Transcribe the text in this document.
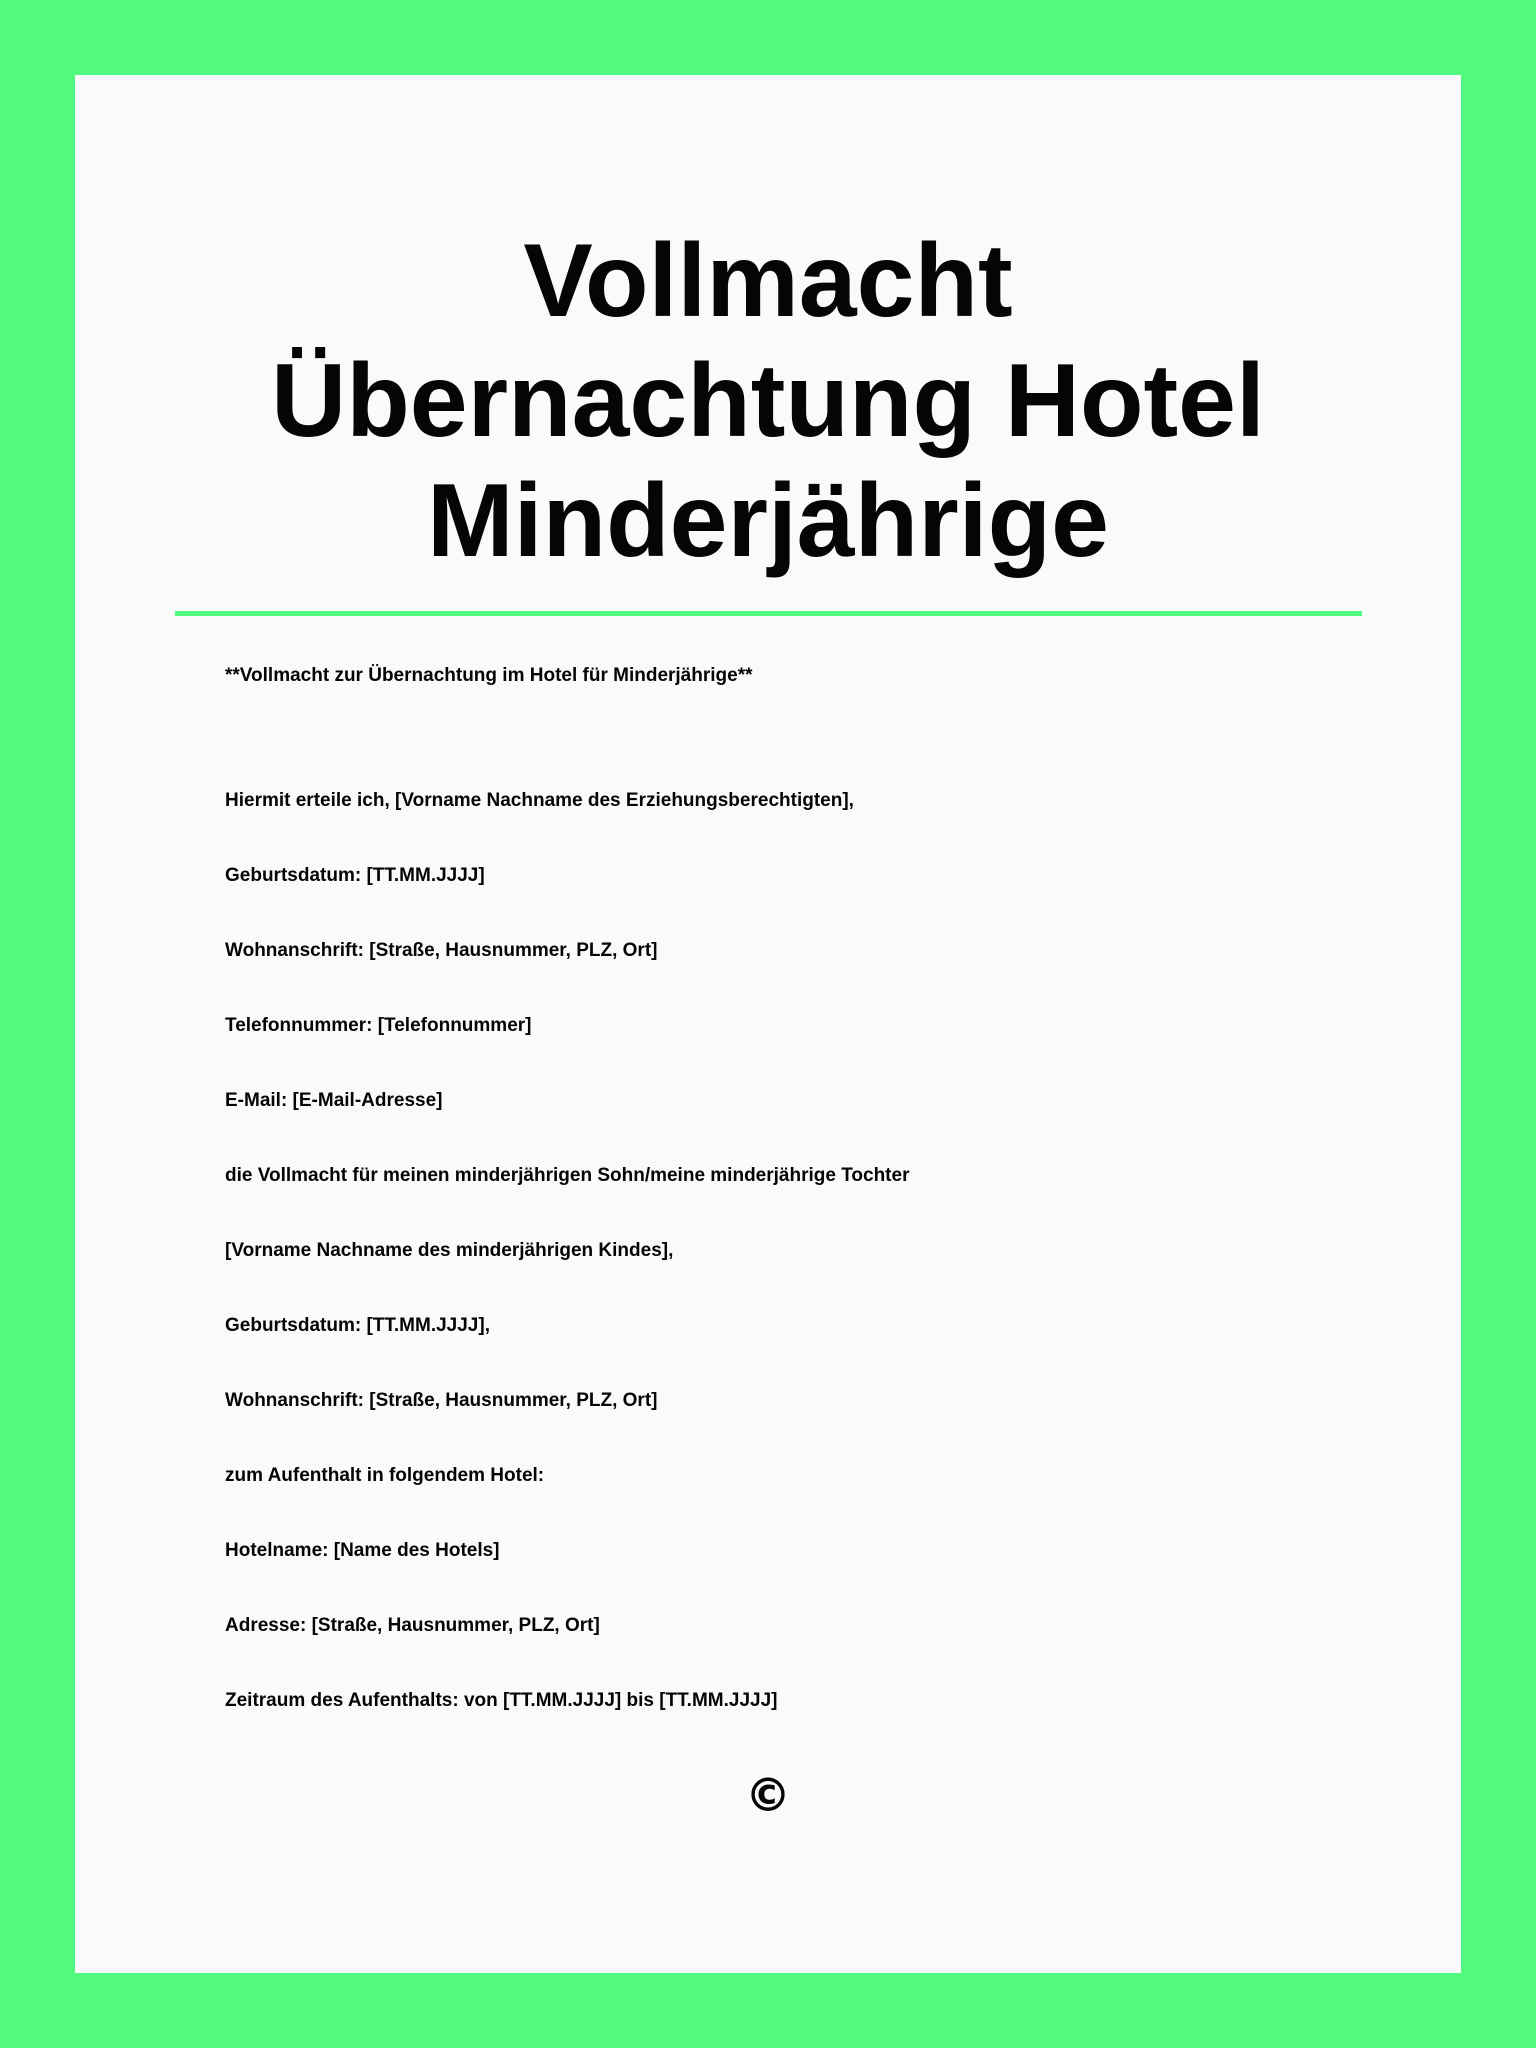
Vollmacht
Übernachtung Hotel
Minderjährige
**Vollmacht zur Übernachtung im Hotel für Minderjährige**
Hiermit erteile ich, [Vorname Nachname des Erziehungsberechtigten],
Geburtsdatum: [TT.MM.JJJJ]
Wohnanschrift: [Straße, Hausnummer, PLZ, Ort]
Telefonnummer: [Telefonnummer]
E-Mail: [E-Mail-Adresse]
die Vollmacht für meinen minderjährigen Sohn/meine minderjährige Tochter
[Vorname Nachname des minderjährigen Kindes],
Geburtsdatum: [TT.MM.JJJJ],
Wohnanschrift: [Straße, Hausnummer, PLZ, Ort]
zum Aufenthalt in folgendem Hotel:
Hotelname: [Name des Hotels]
Adresse: [Straße, Hausnummer, PLZ, Ort]
Zeitraum des Aufenthalts: von [TT.MM.JJJJ] bis [TT.MM.JJJJ]
©
